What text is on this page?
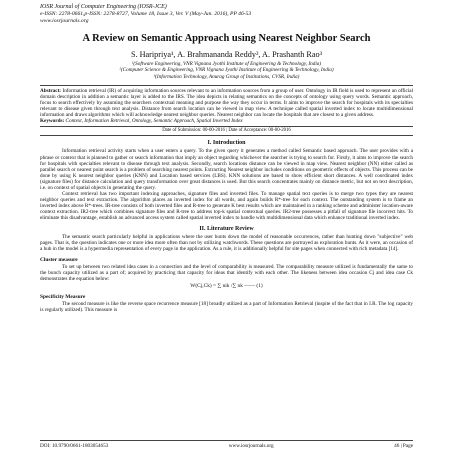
IOSR Journal of Computer Engineering (IOSR-JCE)
e-ISSN: 2278-0661,p-ISSN: 2278-8727, Volume 18, Issue 3, Ver. V (May-Jun. 2016), PP 46-53
www.iosrjournals.org
A Review on Semantic Approach using Nearest Neighbor Search
S. Haripriya¹, A. Brahmananda Reddy², A. Prashanth Rao³
¹(Software Engineering, VNR Vignana Jyothi Institute of Engineering & Technology, India)
²(Computer Science & Engineering, VNR Vignana Jyothi Institute of Engineering & Technology, India)
³(Information Technology, Anurag Group of Institutions, CVSR, India)
Abstract: Information retrieval (IR) of acquiring information sources relevant to an information sources from a group of user. Ontology in IR field is used to represent an official domain description in addition a semantic layer is added to the IRS. The idea depicts in relating semantics on the concepts of ontology using query words. Semantic approach, focus to search effectively by assuming the searchers contextual meaning and purpose the way they occur in terms. It aims to improve the search for hospitals with its specialties relevant to disease given through text analysis. Distance from search location can be viewed in map view. A technique called spatial inverted index to locate multidimensional information and draws algorithms which will acknowledge nearest neighbor queries. Nearest neighbor can locate the hospitals that are closest to a given address.
Keywords: Context, Information Retrieval, Ontology, Semantic Approach, Spatial Inverted Index
Date of Submission: 00-00-2016 | Date of Acceptance: 00-00-2016
I. Introduction

Information retrieval activity starts when a user enters a query. To the given query it generates a method called Semantic based approach. The user provides with a phrase or context that is planned to gather or search information that imply an object regarding whichever the searcher is trying to search for. Firstly, it aims to improve the search for hospitals with specialties relevant to disease through text analysis. Secondly, search locations distance can be viewed in map view. Nearest neighbor (NN) either called as parallel search or nearest point search is a problem of searching nearest points. Extracting Nearest neighbor includes conditions on geometric effects of objects. This process can be done by using K nearest neighbor queries (KNN) and Location based services (LBS). KNN solutions are based to show efficient short distances. A well coordinated index (signature files) for distance calculation and query transformation over great distances is used. But this search concentrates mainly on distance metric, but not on text description, i.e. on context of spatial objects in generating the query.

Context retrieval has two important indexing approaches, signature files and inverted files. To manage spatial text queries is to merge two types they are nearest neighbor queries and text extraction. The algorithm places an inverted index for all words, and again builds R*-tree for each context. The outstanding system is to frame an inverted index above R*-trees. IR-tree consists of both inverted files and R-tree to generate K best results which are maintained in a ranking scheme and administer location-aware context extraction. IR2-tree which combines signature files and R-tree to address top-k spatial contextual queries. IR2-tree possesses a pitfall of signature file incorrect hits. To eliminate this disadvantage, establish an advanced access system called spatial inverted index to handle with multidimensional data which enhance traditional inverted index.

II. Literature Review

The semantic search particularly helpful in applications where the user hunts down the model of reasonable occurrences, rather than hunting down "subjective" web pages. That is, the question indicates one or more idea more often than not by utilizing watchwords. These questions are portrayed as exploration hunts. As it were, an occasion of a hub in the model is a hypermedia representation of every page in the application. As a rule, it is additionally helpful for site pages when connected with rich metadata [14].

Cluster measure

To set up between two related idea cases in a connection and the level of comparability is measured. The comparability measure utilized is fundamentally the same to the bunch capacity utilized as a part of; acquired by practicing that capacity for ideas that identify with each other. The likeness between idea occasion Cj and idea case Ck demonstrates the equation below:

W(Cj,Ck) = ∑ nik /∑ nk —— (1)
Specificity Measure

The second measure is like the reverse space recurrence measure [18] broadly utilized as a part of Information Retrieval (inspite of the fact that in I.R. The log capacity is regularly utilized). This measure is

DOI: 10.9790/0661-1803054653	www.iosrjournals.org	46 | Page
